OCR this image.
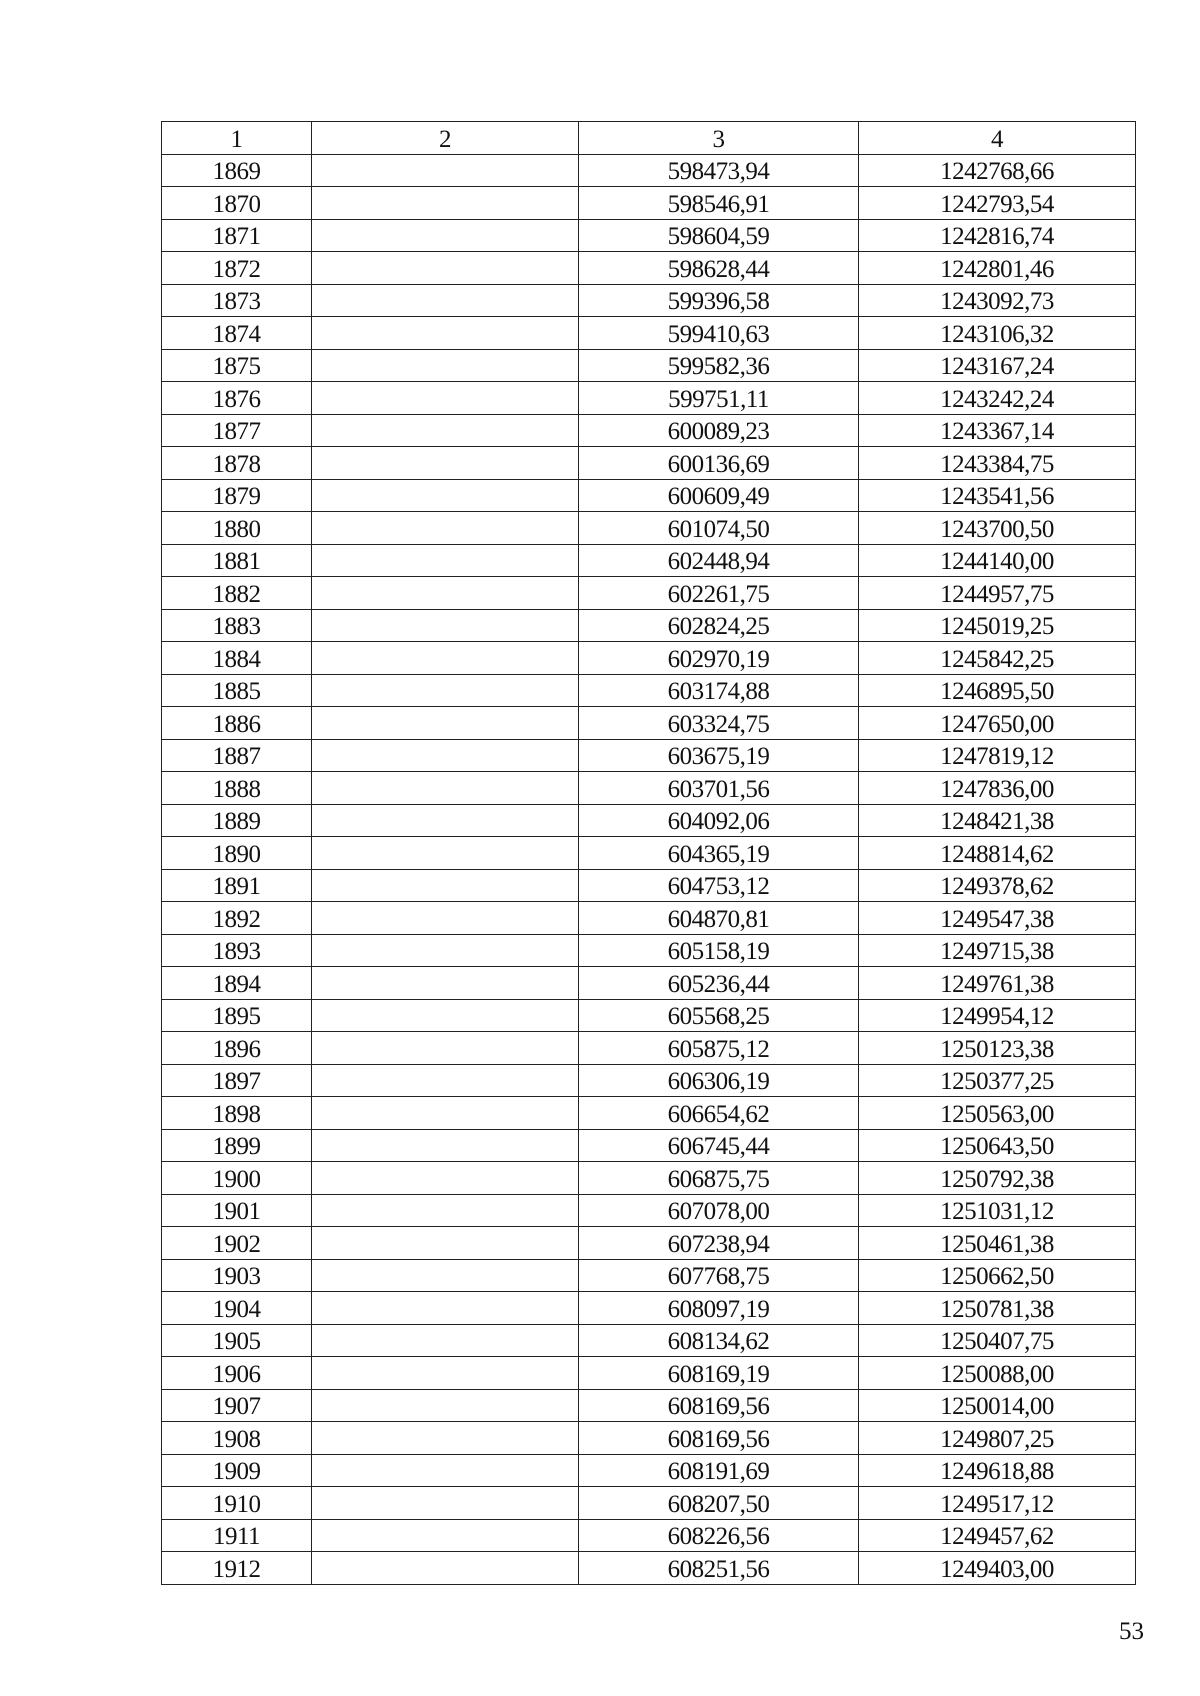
1	2	3	4
1869		598473,94	1242768,66
1870		598546,91	1242793,54
1871		598604,59	1242816,74
1872		598628,44	1242801,46
1873		599396,58	1243092,73
1874		599410,63	1243106,32
1875		599582,36	1243167,24
1876		599751,11	1243242,24
1877		600089,23	1243367,14
1878		600136,69	1243384,75
1879		600609,49	1243541,56
1880		601074,50	1243700,50
1881		602448,94	1244140,00
1882		602261,75	1244957,75
1883		602824,25	1245019,25
1884		602970,19	1245842,25
1885		603174,88	1246895,50
1886		603324,75	1247650,00
1887		603675,19	1247819,12
1888		603701,56	1247836,00
1889		604092,06	1248421,38
1890		604365,19	1248814,62
1891		604753,12	1249378,62
1892		604870,81	1249547,38
1893		605158,19	1249715,38
1894		605236,44	1249761,38
1895		605568,25	1249954,12
1896		605875,12	1250123,38
1897		606306,19	1250377,25
1898		606654,62	1250563,00
1899		606745,44	1250643,50
1900		606875,75	1250792,38
1901		607078,00	1251031,12
1902		607238,94	1250461,38
1903		607768,75	1250662,50
1904		608097,19	1250781,38
1905		608134,62	1250407,75
1906		608169,19	1250088,00
1907		608169,56	1250014,00
1908		608169,56	1249807,25
1909		608191,69	1249618,88
1910		608207,50	1249517,12
1911		608226,56	1249457,62
1912		608251,56	1249403,00
53
